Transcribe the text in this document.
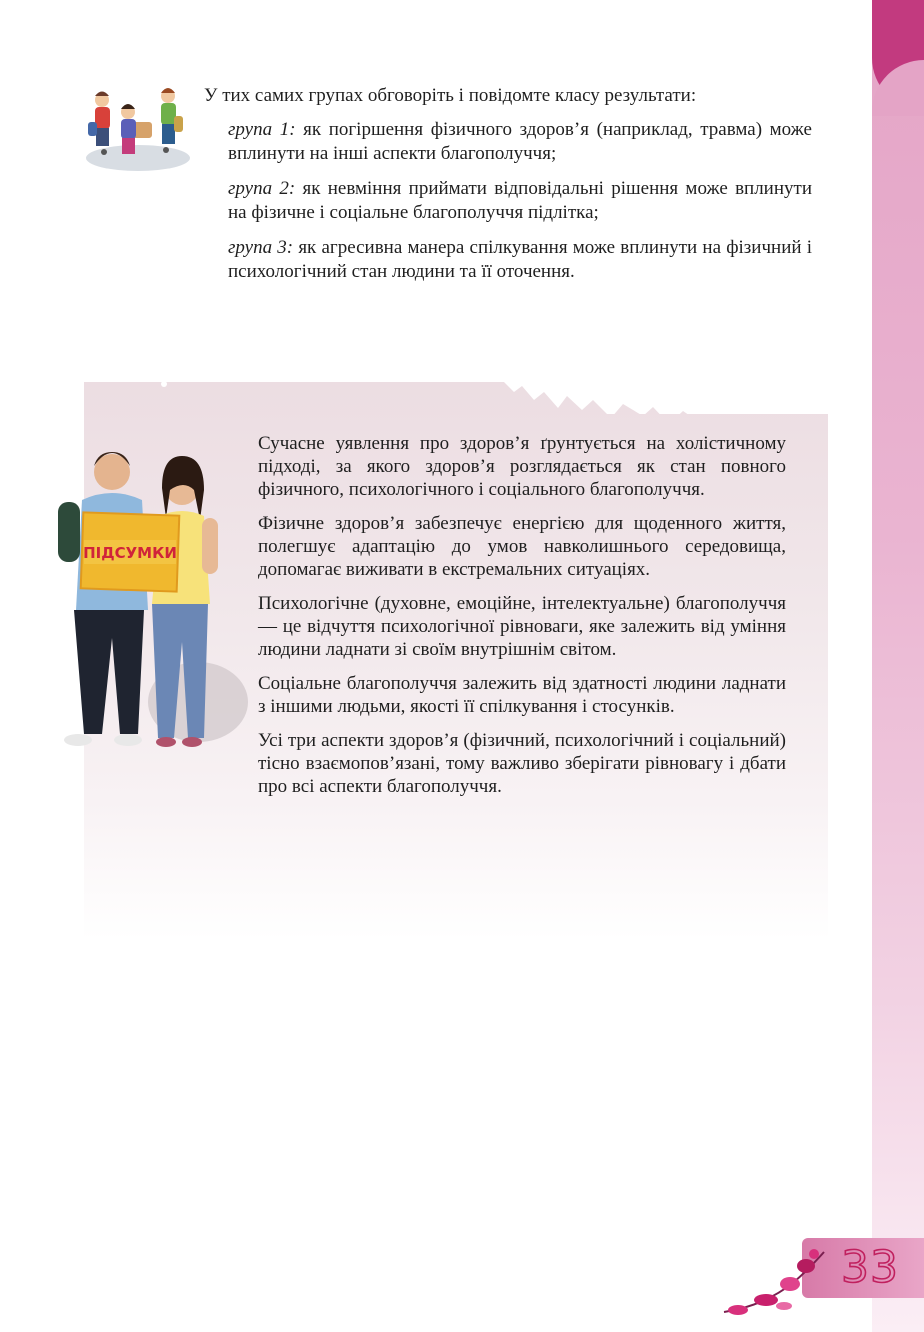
У тих самих групах обговоріть і повідомте класу результати:

група 1: як погіршення фізичного здоров’я (наприклад, травма) може вплинути на інші аспекти благополуччя;
група 2: як невміння приймати відповідальні рішення може вплинути на фізичне і соціальне благополуччя підлітка;
група 3: як агресивна манера спілкування може вплинути на фізичний і психологічний стан людини та її оточення.
ПІДСУМКИ

Сучасне уявлення про здоров’я ґрунтується на холістичному підході, за якого здоров’я розглядається як стан повного фізичного, психологічного і соціального благополуччя.

Фізичне здоров’я забезпечує енергією для щоденного життя, полегшує адаптацію до умов навколишнього середовища, допомагає виживати в екстремальних ситуаціях.

Психологічне (духовне, емоційне, інтелектуальне) благополуччя — це відчуття психологічної рівноваги, яке залежить від уміння людини ладнати зі своїм внутрішнім світом.

Соціальне благополуччя залежить від здатності людини ладнати з іншими людьми, якості її спілкування і стосунків.

Усі три аспекти здоров’я (фізичний, психологічний і соціальний) тісно взаємопов’язані, тому важливо зберігати рівновагу і дбати про всі аспекти благополуччя.

33
